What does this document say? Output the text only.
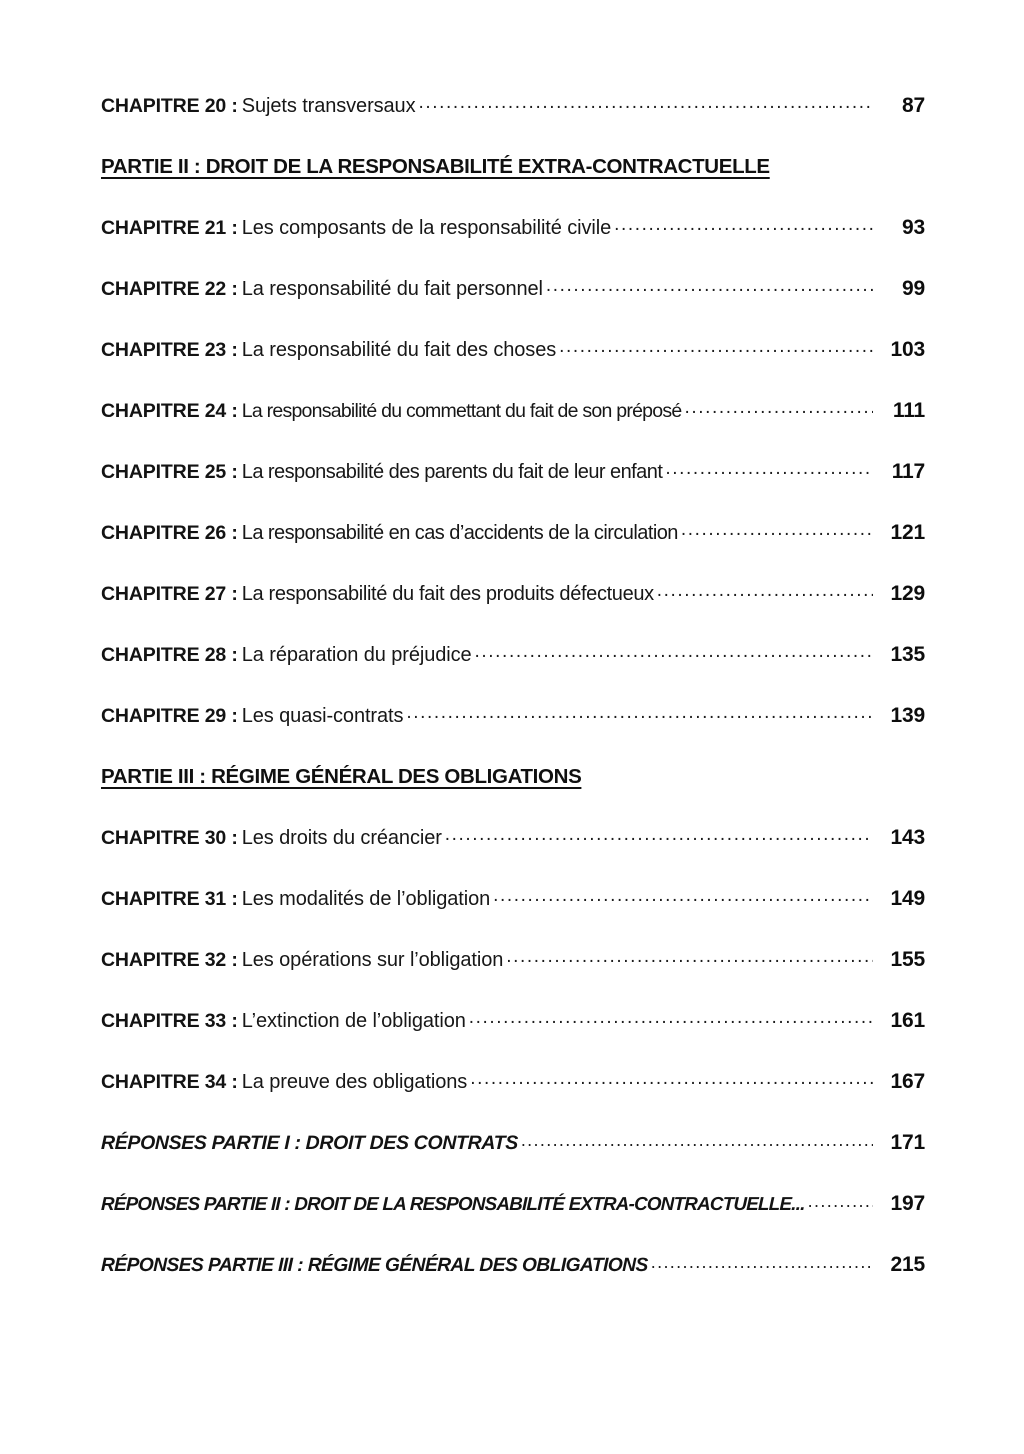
CHAPITRE 20 : Sujets transversaux .....	87
PARTIE II : DROIT DE LA RESPONSABILITÉ EXTRA-CONTRACTUELLE
CHAPITRE 21 : Les composants de la responsabilité civile .....	93
CHAPITRE 22 : La responsabilité du fait personnel .....	99
CHAPITRE 23 : La responsabilité du fait des choses .....	103
CHAPITRE 24 : La responsabilité du commettant du fait de son préposé .....	111
CHAPITRE 25 : La responsabilité des parents du fait de leur enfant .....	117
CHAPITRE 26 : La responsabilité en cas d’accidents de la circulation .....	121
CHAPITRE 27 : La responsabilité du fait des produits défectueux .....	129
CHAPITRE 28 : La réparation du préjudice .....	135
CHAPITRE 29 : Les quasi-contrats .....	139
PARTIE III : RÉGIME GÉNÉRAL DES OBLIGATIONS
CHAPITRE 30 : Les droits du créancier .....	143
CHAPITRE 31 : Les modalités de l’obligation .....	149
CHAPITRE 32 : Les opérations sur l’obligation .....	155
CHAPITRE 33 : L’extinction de l’obligation .....	161
CHAPITRE 34 : La preuve des obligations .....	167
RÉPONSES PARTIE I : DROIT DES CONTRATS .....	171
RÉPONSES PARTIE II : DROIT DE LA RESPONSABILITÉ EXTRA-CONTRACTUELLE... .....	197
RÉPONSES PARTIE III : RÉGIME GÉNÉRAL DES OBLIGATIONS .....	215
